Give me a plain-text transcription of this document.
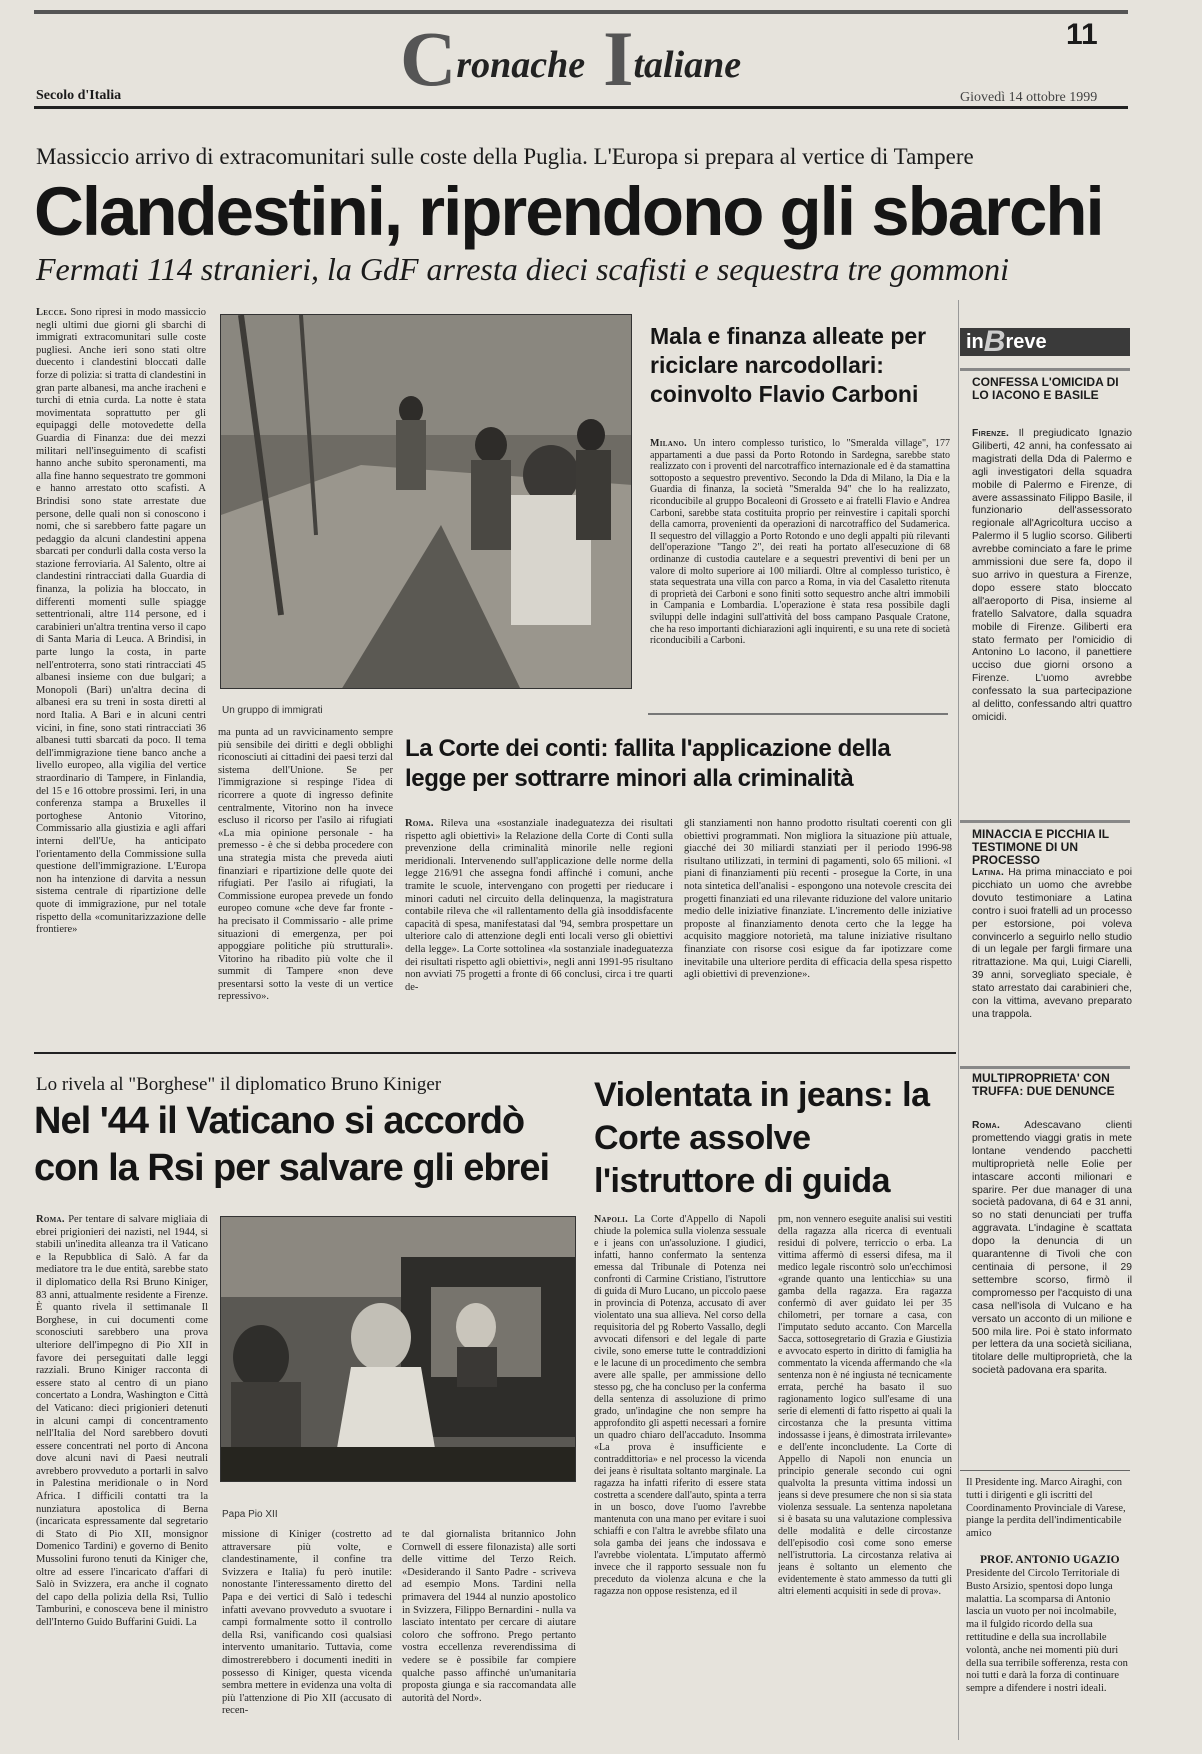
Cronache Italiane
11
Secolo d'Italia	Giovedì 14 ottobre 1999
Massiccio arrivo di extracomunitari sulle coste della Puglia. L'Europa si prepara al vertice di Tampere
Clandestini, riprendono gli sbarchi
Fermati 114 stranieri, la GdF arresta dieci scafisti e sequestra tre gommoni
Lecce. Sono ripresi in modo massiccio negli ultimi due giorni gli sbarchi di immigrati extracomunitari sulle coste pugliesi. Anche ieri sono stati oltre duecento i clandestini bloccati dalle forze di polizia: si tratta di clandestini in gran parte albanesi, ma anche iracheni e turchi di etnia curda. La notte è stata movimentata soprattutto per gli equipaggi delle motovedette della Guardia di Finanza: due dei mezzi militari nell'inseguimento di scafisti hanno anche subito speronamenti, ma alla fine hanno sequestrato tre gommoni e hanno arrestato otto scafisti. A Brindisi sono state arrestate due persone, delle quali non si conoscono i nomi, che si sarebbero fatte pagare un pedaggio da alcuni clandestini appena sbarcati per condurli dalla costa verso la stazione ferroviaria. Al Salento, oltre ai clandestini rintracciati dalla Guardia di finanza, la polizia ha bloccato, in differenti momenti sulle spiagge settentrionali, altre 114 persone, ed i carabinieri un'altra trentina verso il capo di Santa Maria di Leuca. A Brindisi, in parte lungo la costa, in parte nell'entroterra, sono stati rintracciati 45 albanesi insieme con due bulgari; a Monopoli (Bari) un'altra decina di albanesi era su treni in sosta diretti al nord Italia. A Bari e in alcuni centri vicini, in fine, sono stati rintracciati 36 albanesi tutti sbarcati da poco. Il tema dell'immigrazione tiene banco anche a livello europeo, alla vigilia del vertice straordinario di Tampere, in Finlandia, del 15 e 16 ottobre prossimi. Ieri, in una conferenza stampa a Bruxelles il portoghese Antonio Vitorino, Commissario alla giustizia e agli affari interni dell'Ue, ha anticipato l'orientamento della Commissione sulla questione dell'immigrazione. L'Europa non ha intenzione di darvita a nessun sistema centrale di ripartizione delle quote di immigrazione, pur nel totale rispetto della «comunitarizzazione delle frontiere»
Un gruppo di immigrati
ma punta ad un ravvicinamento sempre più sensibile dei diritti e degli obblighi riconosciuti ai cittadini dei paesi terzi dal sistema dell'Unione. Se per l'immigrazione si respinge l'idea di ricorrere a quote di ingresso definite centralmente, Vitorino non ha invece escluso il ricorso per l'asilo ai rifugiati «La mia opinione personale - ha premesso - è che si debba procedere con una strategia mista che preveda aiuti finanziari e ripartizione delle quote dei rifugiati. Per l'asilo ai rifugiati, la Commissione europea prevede un fondo europeo comune «che deve far fronte - ha precisato il Commissario - alle prime situazioni di emergenza, per poi appoggiare politiche più strutturali». Vitorino ha ribadito più volte che il summit di Tampere «non deve presentarsi sotto la veste di un vertice repressivo».
Mala e finanza alleate per riciclare narcodollari: coinvolto Flavio Carboni
Milano. Un intero complesso turistico, lo "Smeralda village", 177 appartamenti a due passi da Porto Rotondo in Sardegna, sarebbe stato realizzato con i proventi del narcotraffico internazionale ed è da stamattina sottoposto a sequestro preventivo. Secondo la Dda di Milano, la Dia e la Guardia di finanza, la società "Smeralda 94" che lo ha realizzato, riconducibile al gruppo Bocaleoni di Grosseto e ai fratelli Flavio e Andrea Carboni, sarebbe stata costituita proprio per reinvestire i capitali sporchi della camorra, provenienti da operazioni di narcotraffico del Sudamerica. Il sequestro del villaggio a Porto Rotondo e uno degli appalti più rilevanti dell'operazione "Tango 2", dei reati ha portato all'esecuzione di 68 ordinanze di custodia cautelare e a sequestri preventivi di beni per un valore di molto superiore ai 100 miliardi. Oltre al complesso turistico, è stata sequestrata una villa con parco a Roma, in via del Casaletto ritenuta di proprietà dei Carboni e sono finiti sotto sequestro anche altri immobili in Campania e Lombardia. L'operazione è stata resa possibile dagli sviluppi delle indagini sull'attività del boss campano Pasquale Cratone, che ha reso importanti dichiarazioni agli inquirenti, e su una rete di società riconducibili a Carboni.
La Corte dei conti: fallita l'applicazione della legge per sottrarre minori alla criminalità
Roma. Rileva una «sostanziale inadeguatezza dei risultati rispetto agli obiettivi» la Relazione della Corte di Conti sulla prevenzione della criminalità minorile nelle regioni meridionali. Intervenendo sull'applicazione delle norme della legge 216/91 che assegna fondi affinché i comuni, anche tramite le scuole, intervengano con progetti per rieducare i minori caduti nel circuito della delinquenza, la magistratura contabile rileva che «il rallentamento della già insoddisfacente capacità di spesa, manifestatasi dal '94, sembra prospettare un ulteriore calo di attenzione degli enti locali verso gli obiettivi della legge». La Corte sottolinea «la sostanziale inadeguatezza dei risultati rispetto agli obiettivi», negli anni 1991-95 risultano non avviati 75 progetti a fronte di 66 conclusi, circa i tre quarti de-
gli stanziamenti non hanno prodotto risultati coerenti con gli obiettivi programmati. Non migliora la situazione più attuale, giacché dei 30 miliardi stanziati per il periodo 1996-98 risultano utilizzati, in termini di pagamenti, solo 65 milioni. «I piani di finanziamenti più recenti - prosegue la Corte, in una nota sintetica dell'analisi - espongono una notevole crescita dei progetti finanziati ed una rilevante riduzione del valore unitario medio delle iniziative finanziate. L'incremento delle iniziative proposte al finanziamento denota certo che la legge ha acquisito maggiore notorietà, ma talune iniziative risultano finanziate con risorse così esigue da far ipotizzare come inevitabile una ulteriore perdita di efficacia della spesa rispetto agli obiettivi di prevenzione».
Lo rivela al "Borghese" il diplomatico Bruno Kiniger
Nel '44 il Vaticano si accordò con la Rsi per salvare gli ebrei
Roma. Per tentare di salvare migliaia di ebrei prigionieri dei nazisti, nel 1944, si stabilì un'inedita alleanza tra il Vaticano e la Repubblica di Salò. A far da mediatore tra le due entità, sarebbe stato il diplomatico della Rsi Bruno Kiniger, 83 anni, attualmente residente a Firenze. È quanto rivela il settimanale Il Borghese, in cui documenti come sconosciuti sarebbero una prova ulteriore dell'impegno di Pio XII in favore dei perseguitati dalle leggi razziali. Bruno Kiniger racconta di essere stato al centro di un piano concertato a Londra, Washington e Città del Vaticano: dieci prigionieri detenuti in alcuni campi di concentramento nell'Italia del Nord sarebbero dovuti essere concentrati nel porto di Ancona dove alcuni navi di Paesi neutrali avrebbero provveduto a portarli in salvo in Palestina meridionale o in Nord Africa. I difficili contatti tra la nunziatura apostolica di Berna (incaricata espressamente dal segretario di Stato di Pio XII, monsignor Domenico Tardini) e governo di Benito Mussolini furono tenuti da Kiniger che, oltre ad essere l'incaricato d'affari di Salò in Svizzera, era anche il cognato del capo della polizia della Rsi, Tullio Tamburini, e conosceva bene il ministro dell'Interno Guido Buffarini Guidi. La
Papa Pio XII
missione di Kiniger (costretto ad attraversare più volte, e clandestinamente, il confine tra Svizzera e Italia) fu però inutile: nonostante l'interessamento diretto del Papa e dei vertici di Salò i tedeschi infatti avevano provveduto a svuotare i campi formalmente sotto il controllo della Rsi, vanificando così qualsiasi intervento umanitario. Tuttavia, come dimostrerebbero i documenti inediti in possesso di Kiniger, questa vicenda sembra mettere in evidenza una volta di più l'attenzione di Pio XII (accusato di recen-
te dal giornalista britannico John Cornwell di essere filonazista) alle sorti delle vittime del Terzo Reich. «Desiderando il Santo Padre - scriveva ad esempio Mons. Tardini nella primavera del 1944 al nunzio apostolico in Svizzera, Filippo Bernardini - nulla va lasciato intentato per cercare di aiutare coloro che soffrono. Prego pertanto vostra eccellenza reverendissima di vedere se è possibile far compiere qualche passo affinché un'umanitaria proposta giunga e sia raccomandata alle autorità del Nord».
Violentata in jeans: la Corte assolve l'istruttore di guida
Napoli. La Corte d'Appello di Napoli chiude la polemica sulla violenza sessuale e i jeans con un'assoluzione. I giudici, infatti, hanno confermato la sentenza emessa dal Tribunale di Potenza nei confronti di Carmine Cristiano, l'istruttore di guida di Muro Lucano, un piccolo paese in provincia di Potenza, accusato di aver violentato una sua allieva. Nel corso della requisitoria del pg Roberto Vassallo, degli avvocati difensori e del legale di parte civile, sono emerse tutte le contraddizioni e le lacune di un procedimento che sembra avere alle spalle, per ammissione dello stesso pg, che ha concluso per la conferma della sentenza di assoluzione di primo grado, un'indagine che non sempre ha approfondito gli aspetti necessari a fornire un quadro chiaro dell'accaduto. Insomma «La prova è insufficiente e contraddittoria» e nel processo la vicenda dei jeans è risultata soltanto marginale. La ragazza ha infatti riferito di essere stata costretta a scendere dall'auto, spinta a terra in un bosco, dove l'uomo l'avrebbe mantenuta con una mano per evitare i suoi schiaffi e con l'altra le avrebbe sfilato una sola gamba dei jeans che indossava e l'avrebbe violentata. L'imputato affermò invece che il rapporto sessuale non fu preceduto da violenza alcuna e che la ragazza non oppose resistenza, ed il
pm, non vennero eseguite analisi sui vestiti della ragazza alla ricerca di eventuali residui di polvere, terriccio o erba. La vittima affermò di essersi difesa, ma il medico legale riscontrò solo un'ecchimosi «grande quanto una lenticchia» su una gamba della ragazza. Era ragazza confermò di aver guidato lei per 35 chilometri, per tornare a casa, con l'imputato seduto accanto. Con Marcella Sacca, sottosegretario di Grazia e Giustizia e avvocato esperto in diritto di famiglia ha commentato la vicenda affermando che «la sentenza non è né ingiusta né tecnicamente errata, perché ha basato il suo ragionamento logico sull'esame di una serie di elementi di fatto rispetto ai quali la circostanza che la presunta vittima indossasse i jeans, è dimostrata irrilevante» e dell'ente inconcludente. La Corte di Appello di Napoli non enuncia un principio generale secondo cui ogni qualvolta la presunta vittima indossi un jeans si deve presumere che non si sia stata violenza sessuale. La sentenza napoletana si è basata su una valutazione complessiva delle modalità e delle circostanze dell'episodio così come sono emerse nell'istruttoria. La circostanza relativa ai jeans è soltanto un elemento che evidentemente è stato ammesso da tutti gli altri elementi acquisiti in sede di prova».
inBreve
CONFESSA L'OMICIDA DI LO IACONO E BASILE
Firenze. Il pregiudicato Ignazio Giliberti, 42 anni, ha confessato ai magistrati della Dda di Palermo e agli investigatori della squadra mobile di Palermo e Firenze, di avere assassinato Filippo Basile, il funzionario dell'assessorato regionale all'Agricoltura ucciso a Palermo il 5 luglio scorso. Giliberti avrebbe cominciato a fare le prime ammissioni due sere fa, dopo il suo arrivo in questura a Firenze, dopo essere stato bloccato all'aeroporto di Pisa, insieme al fratello Salvatore, dalla squadra mobile di Firenze. Giliberti era stato fermato per l'omicidio di Antonino Lo Iacono, il panettiere ucciso due giorni orsono a Firenze. L'uomo avrebbe confessato la sua partecipazione al delitto, confessando altri quattro omicidi.
MINACCIA E PICCHIA IL TESTIMONE DI UN PROCESSO
Latina. Ha prima minacciato e poi picchiato un uomo che avrebbe dovuto testimoniare a Latina contro i suoi fratelli ad un processo per estorsione, poi voleva convincerlo a seguirlo nello studio di un legale per fargli firmare una ritrattazione. Ma qui, Luigi Ciarelli, 39 anni, sorvegliato speciale, è stato arrestato dai carabinieri che, con la vittima, avevano preparato una trappola.
MULTIPROPRIETA' CON TRUFFA: DUE DENUNCE
Roma. Adescavano clienti promettendo viaggi gratis in mete lontane vendendo pacchetti multiproprietà nelle Eolie per intascare acconti milionari e sparire. Per due manager di una società padovana, di 64 e 31 anni, so no stati denunciati per truffa aggravata. L'indagine è scattata dopo la denuncia di un quarantenne di Tivoli che con centinaia di persone, il 29 settembre scorso, firmò il compromesso per l'acquisto di una casa nell'isola di Vulcano e ha versato un acconto di un milione e 500 mila lire. Poi è stato informato per lettera da una società siciliana, titolare delle multiproprietà, che la società padovana era sparita.
Il Presidente ing. Marco Airaghi, con tutti i dirigenti e gli iscritti del Coordinamento Provinciale di Varese, piange la perdita dell'indimenticabile amico
PROF. ANTONIO UGAZIO
Presidente del Circolo Territoriale di Busto Arsizio, spentosi dopo lunga malattia. La scomparsa di Antonio lascia un vuoto per noi incolmabile, ma il fulgido ricordo della sua rettitudine e della sua incrollabile volontà, anche nei momenti più duri della sua terribile sofferenza, resta con noi tutti e darà la forza di continuare sempre a difendere i nostri ideali.
